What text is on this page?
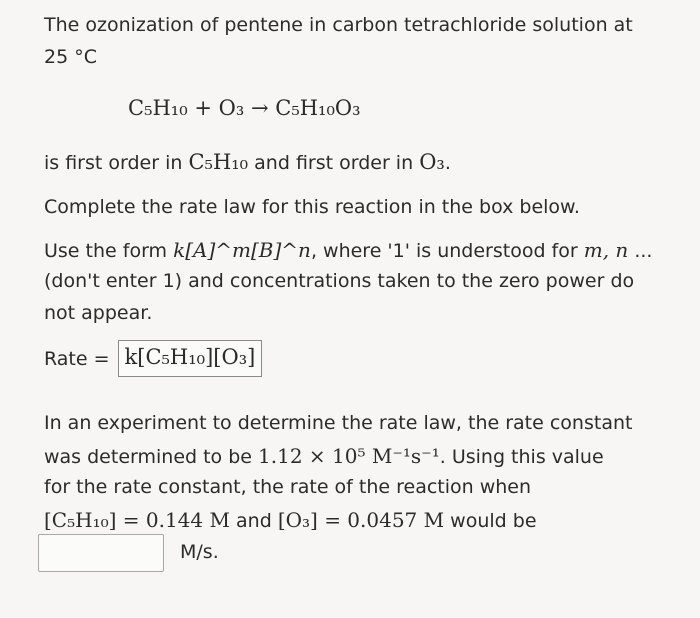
The ozonization of pentene in carbon tetrachloride solution at
25 °C
C₅H₁₀ + O₃ → C₅H₁₀O₃
is first order in C₅H₁₀ and first order in O₃.
Complete the rate law for this reaction in the box below.
Use the form k[A]^m[B]^n, where '1' is understood for m, n ...
(don't enter 1) and concentrations taken to the zero power do
not appear.
Rate = k[C₅H₁₀][O₃]
In an experiment to determine the rate law, the rate constant
was determined to be 1.12 × 10⁵ M⁻¹s⁻¹. Using this value
for the rate constant, the rate of the reaction when
[C₅H₁₀] = 0.144 M and [O₃] = 0.0457 M would be
M/s.
